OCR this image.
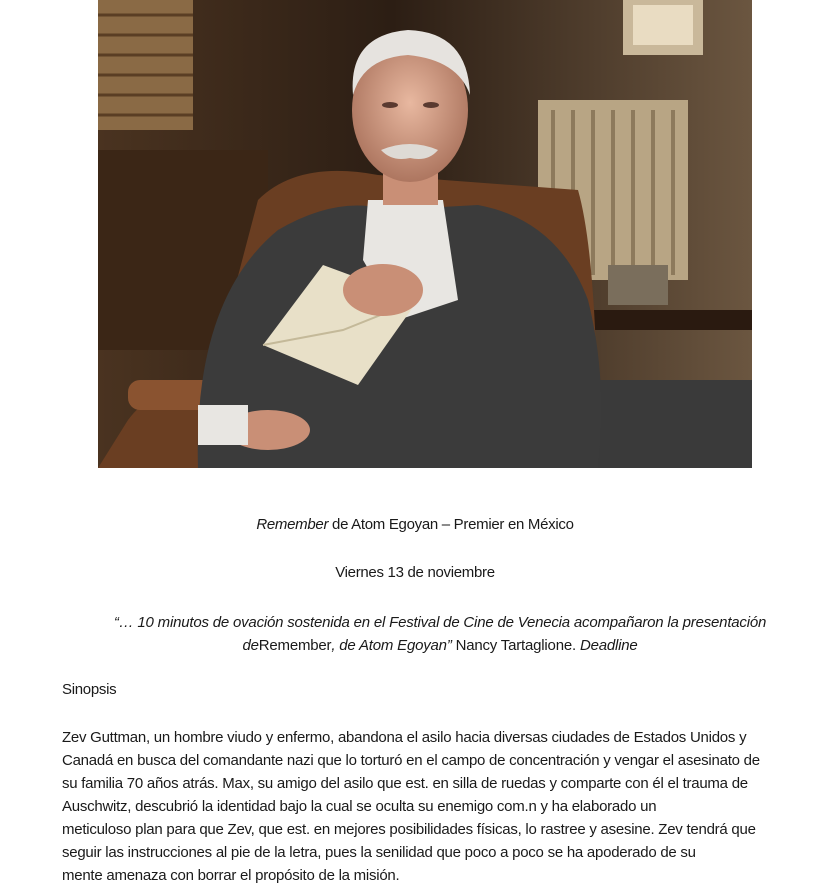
Remember de Atom Egoyan – Premier en México
Viernes 13 de noviembre
“… 10 minutos de ovación sostenida en el Festival de Cine de Venecia acompañaron la presentación
deRemember, de Atom Egoyan” Nancy Tartaglione. Deadline
Sinopsis
Zev Guttman, un hombre viudo y enfermo, abandona el asilo hacia diversas ciudades de Estados Unidos y
Canadá en busca del comandante nazi que lo torturó en el campo de concentración y vengar el asesinato de
su familia 70 años atrás. Max, su amigo del asilo que est. en silla de ruedas y comparte con él el trauma de
Auschwitz, descubrió la identidad bajo la cual se oculta su enemigo com.n y ha elaborado un
meticuloso plan para que Zev, que est. en mejores posibilidades físicas, lo rastree y asesine. Zev tendrá que
seguir las instrucciones al pie de la letra, pues la senilidad que poco a poco se ha apoderado de su
mente amenaza con borrar el propósito de la misión.
